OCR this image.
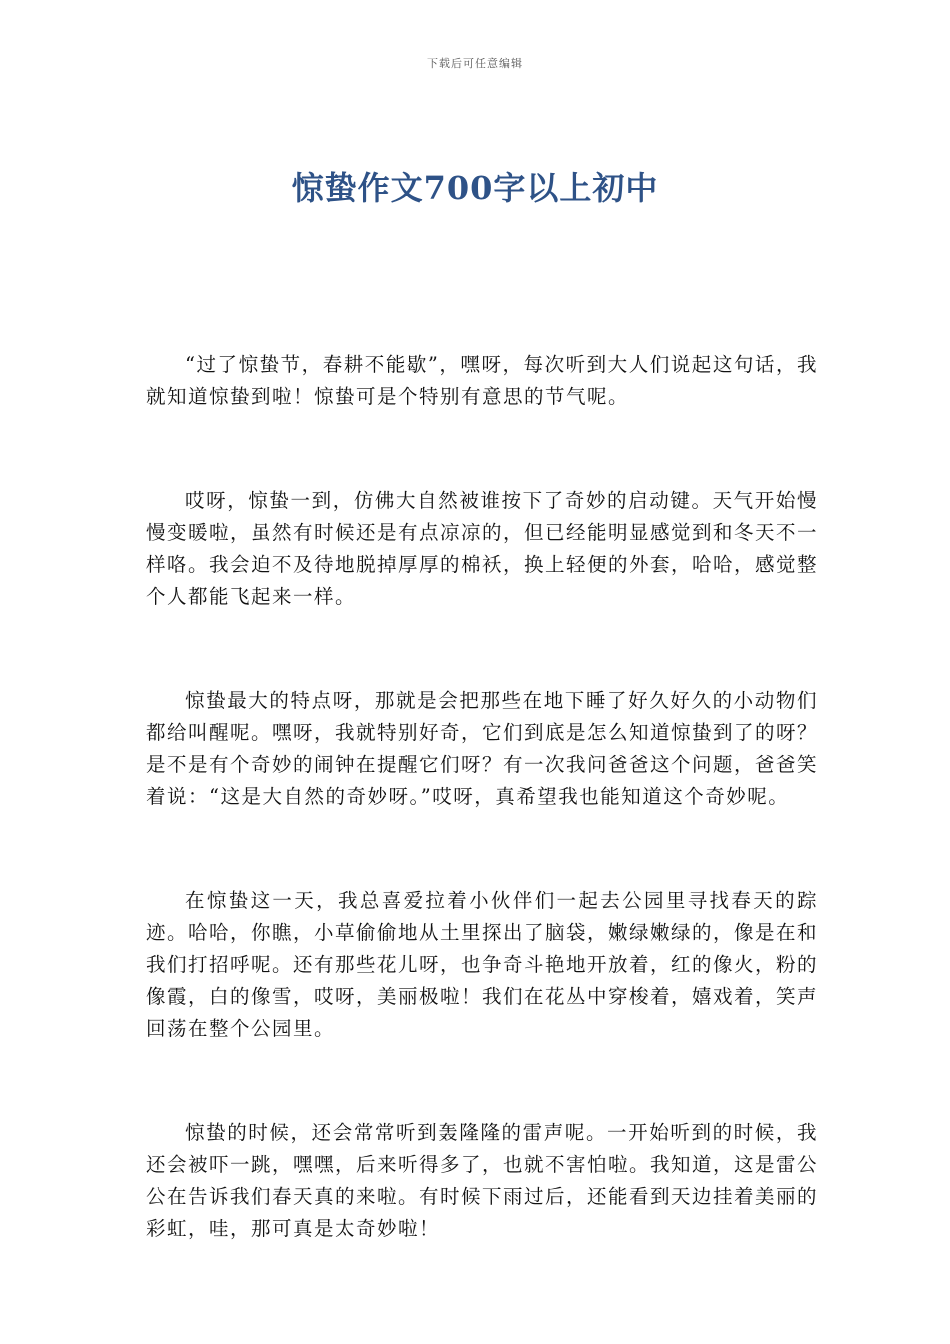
下载后可任意编辑
惊蛰作文700字以上初中

“过了惊蛰节，春耕不能歇”，嘿呀，每次听到大人们说起这句话，我就知道惊蛰到啦！惊蛰可是个特别有意思的节气呢。

哎呀，惊蛰一到，仿佛大自然被谁按下了奇妙的启动键。天气开始慢慢变暖啦，虽然有时候还是有点凉凉的，但已经能明显感觉到和冬天不一样咯。我会迫不及待地脱掉厚厚的棉袄，换上轻便的外套，哈哈，感觉整个人都能飞起来一样。

惊蛰最大的特点呀，那就是会把那些在地下睡了好久好久的小动物们都给叫醒呢。嘿呀，我就特别好奇，它们到底是怎么知道惊蛰到了的呀？是不是有个奇妙的闹钟在提醒它们呀？有一次我问爸爸这个问题，爸爸笑着说：“这是大自然的奇妙呀。”哎呀，真希望我也能知道这个奇妙呢。

在惊蛰这一天，我总喜爱拉着小伙伴们一起去公园里寻找春天的踪迹。哈哈，你瞧，小草偷偷地从土里探出了脑袋，嫩绿嫩绿的，像是在和我们打招呼呢。还有那些花儿呀，也争奇斗艳地开放着，红的像火，粉的像霞，白的像雪，哎呀，美丽极啦！我们在花丛中穿梭着，嬉戏着，笑声回荡在整个公园里。

惊蛰的时候，还会常常听到轰隆隆的雷声呢。一开始听到的时候，我还会被吓一跳，嘿嘿，后来听得多了，也就不害怕啦。我知道，这是雷公公在告诉我们春天真的来啦。有时候下雨过后，还能看到天边挂着美丽的彩虹，哇，那可真是太奇妙啦！
